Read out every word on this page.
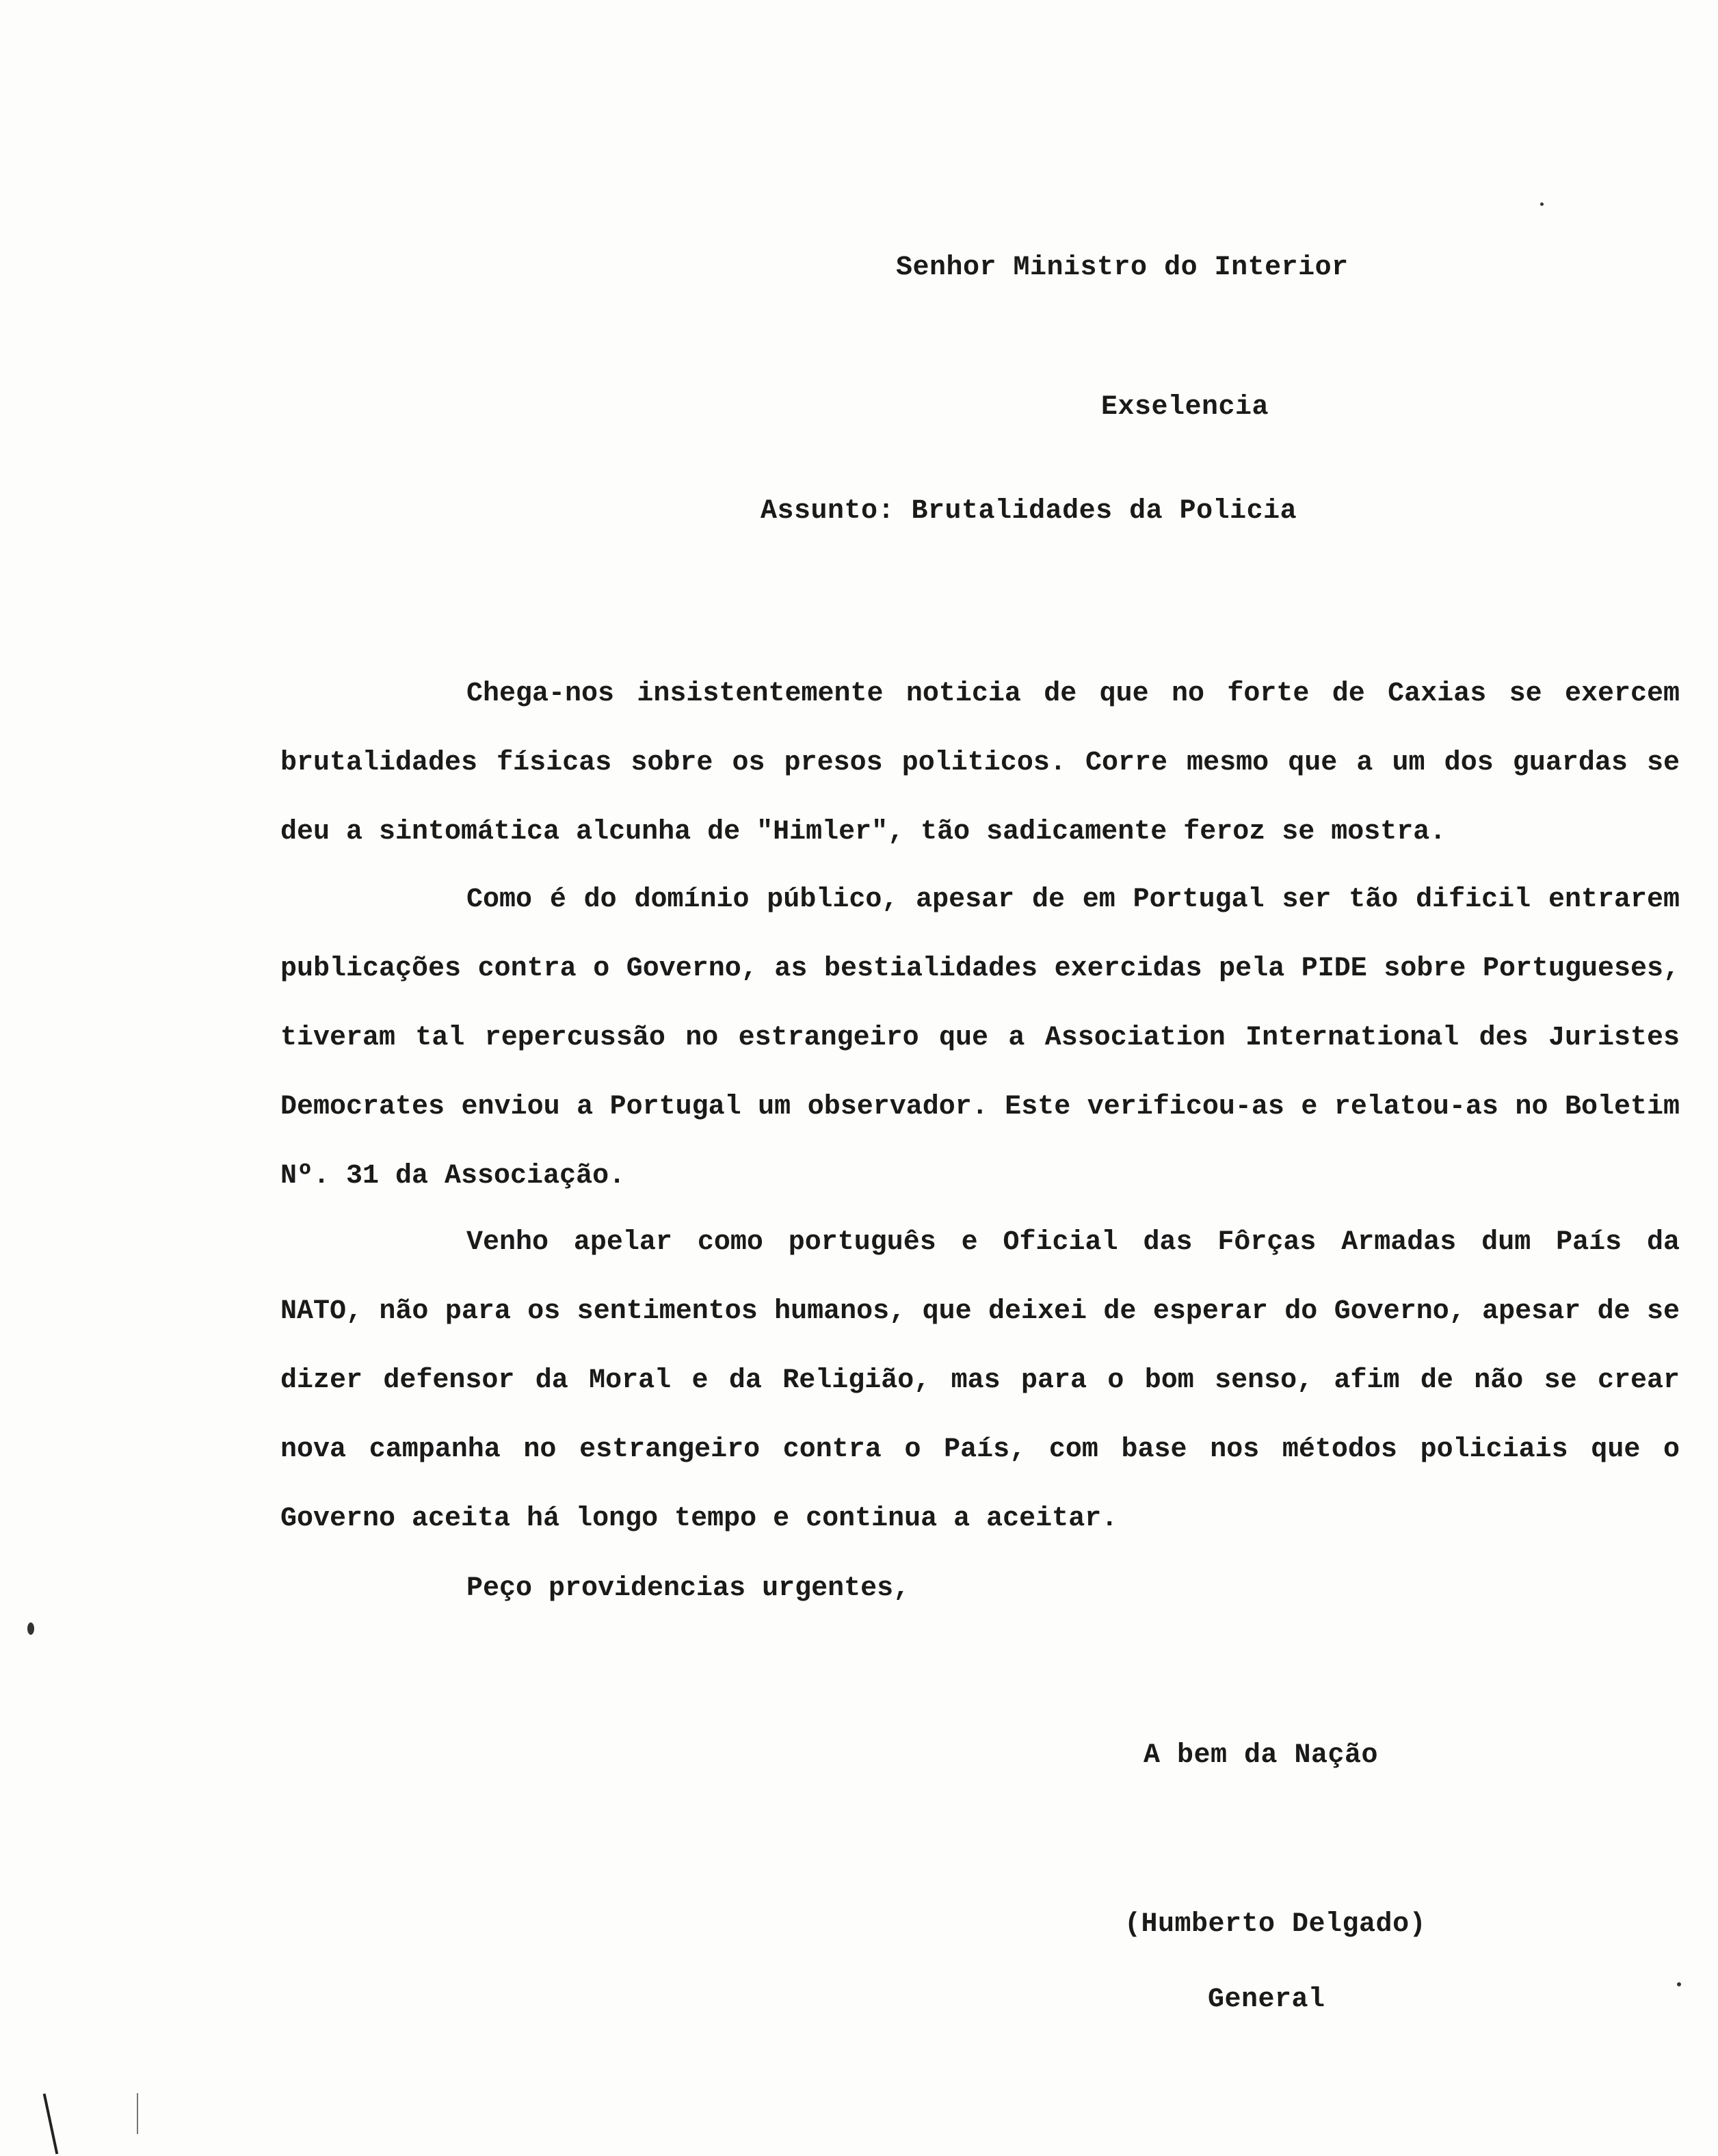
Senhor Ministro do Interior
Exselencia
Assunto: Brutalidades da Policia
Chega-nos insistentemente noticia de que no forte de Caxias se exercem brutalidades físicas sobre os presos politicos. Corre mesmo que a um dos guardas se deu a sintomática alcunha de "Himler", tão sadicamente feroz se mostra.
Como é do domínio público, apesar de em Portugal ser tão dificil entrarem publicações contra o Governo, as bestialidades exercidas pela PIDE sobre Portugueses, tiveram tal repercussão no estrangeiro que a Association International des Juristes Democrates enviou a Portugal um observador. Este verificou-as e relatou-as no Boletim Nº. 31 da Associação.
Venho apelar como português e Oficial das Fôrças Armadas dum País da NATO, não para os sentimentos humanos, que deixei de esperar do Governo, apesar de se dizer defensor da Moral e da Religião, mas para o bom senso, afim de não se crear nova campanha no estrangeiro contra o País, com base nos métodos policiais que o Governo aceita há longo tempo e continua a aceitar.
Peço providencias urgentes,
A bem da Nação
(Humberto Delgado)
General
